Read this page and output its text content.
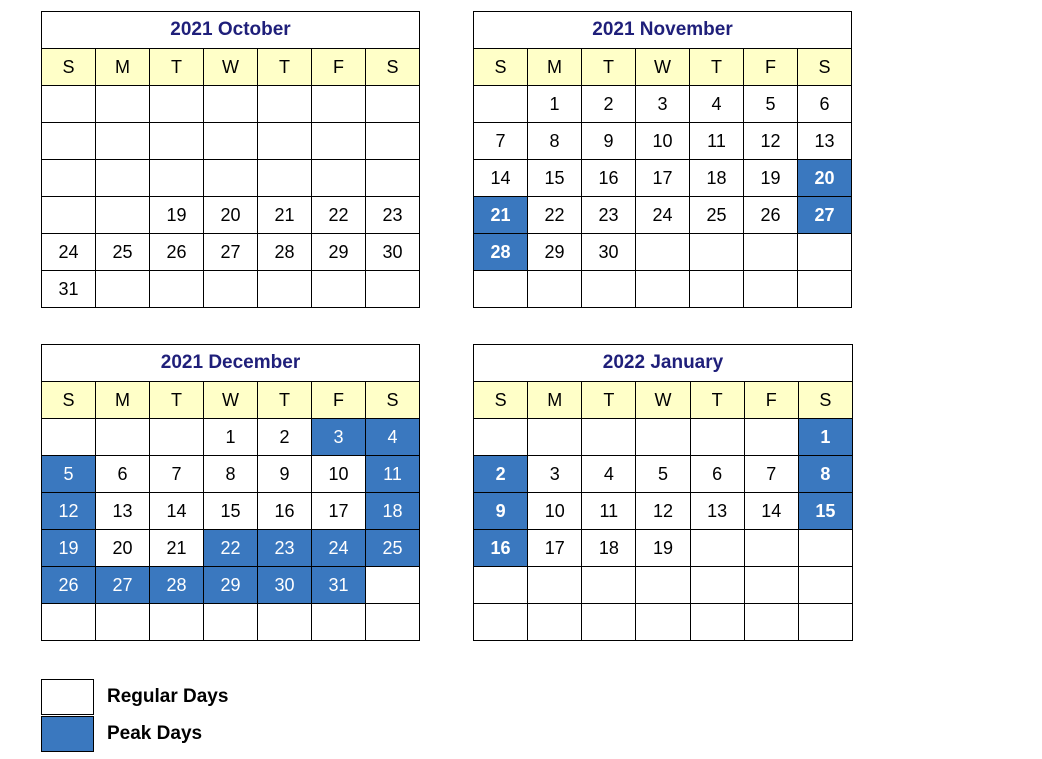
2021 October						
S	M	T	W	T	F	S

		19	20	21	22	23
24	25	26	27	28	29	30
31						
2021 November						
S	M	T	W	T	F	S
	1	2	3	4	5	6
7	8	9	10	11	12	13
14	15	16	17	18	19	20
21	22	23	24	25	26	27
28	29	30				

2021 December						
S	M	T	W	T	F	S
			1	2	3	4
5	6	7	8	9	10	11
12	13	14	15	16	17	18
19	20	21	22	23	24	25
26	27	28	29	30	31	

2022 January						
S	M	T	W	T	F	S
						1
2	3	4	5	6	7	8
9	10	11	12	13	14	15
16	17	18	19			

Regular Days
Peak Days
